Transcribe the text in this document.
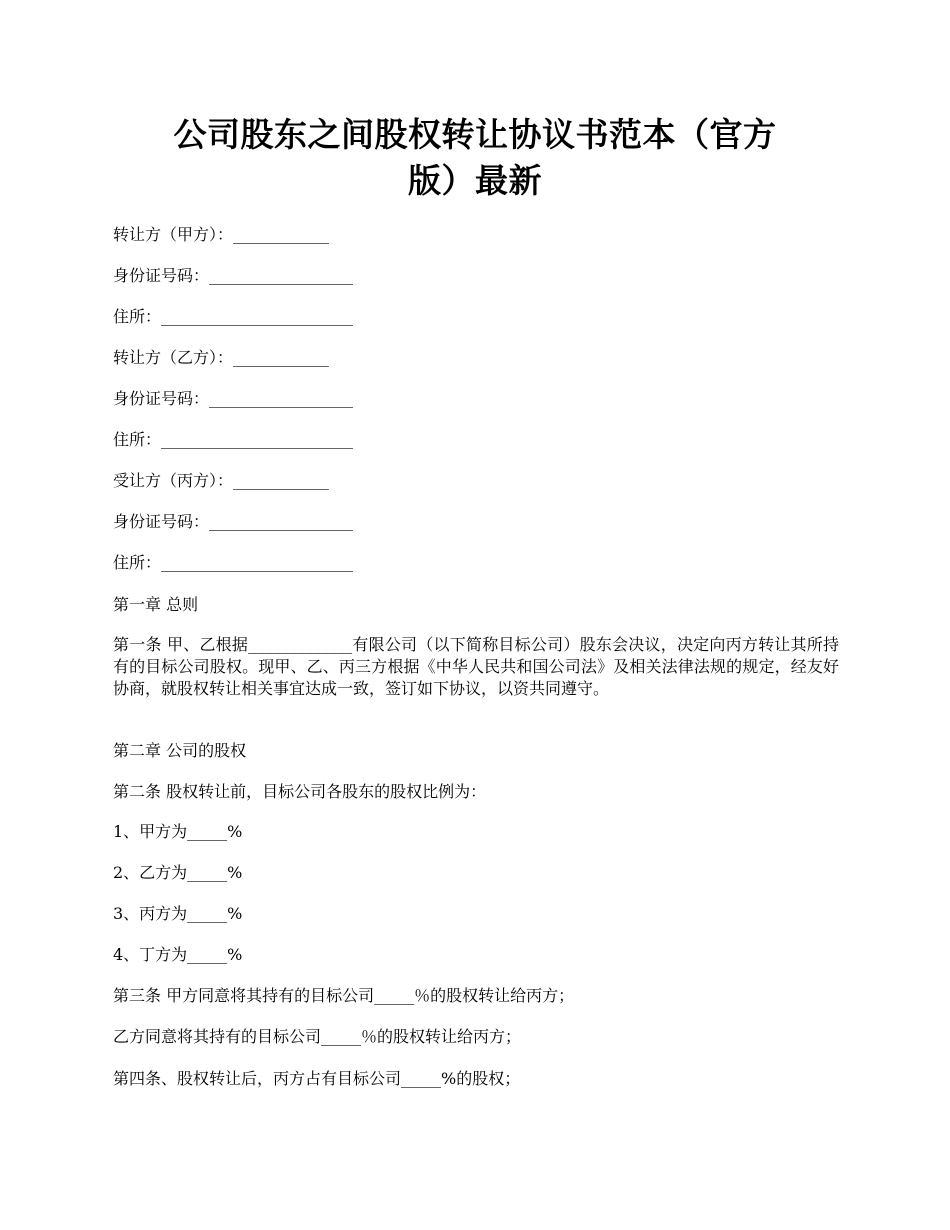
公司股东之间股权转让协议书范本（官方
版）最新

转让方（甲方）：____________

身份证号码：__________________

住所：________________________

转让方（乙方）：____________

身份证号码：__________________

住所：________________________

受让方（丙方）：____________

身份证号码：__________________

住所：________________________

第一章 总则

第一条 甲、乙根据_____________有限公司（以下简称目标公司）股东会决议，决定向丙方转让其所持有的目标公司股权。现甲、乙、丙三方根据《中华人民共和国公司法》及相关法律法规的规定，经友好协商，就股权转让相关事宜达成一致，签订如下协议，以资共同遵守。

第二章 公司的股权

第二条 股权转让前，目标公司各股东的股权比例为：

1、甲方为_____%

2、乙方为_____%

3、丙方为_____%

4、丁方为_____%

第三条 甲方同意将其持有的目标公司_____％的股权转让给丙方；

乙方同意将其持有的目标公司_____％的股权转让给丙方；

第四条、股权转让后，丙方占有目标公司_____%的股权；
